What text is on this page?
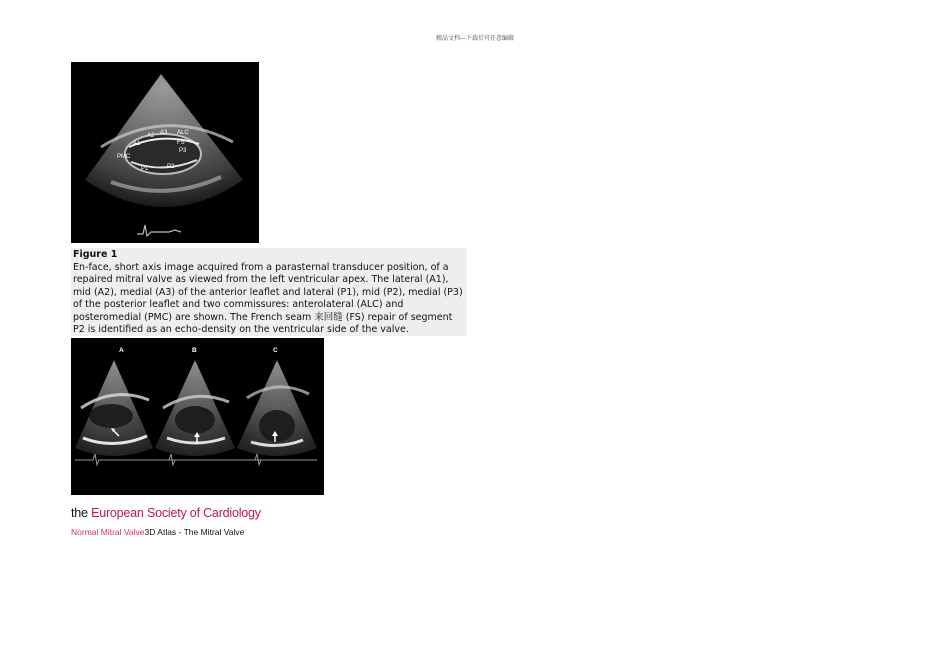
精品文档---下载后可任意编辑
A2 A3 ALC
A1
PMC
P1	P2
P3
FS
Figure 1
En-face, short axis image acquired from a parasternal transducer position, of a repaired mitral valve as viewed from the left ventricular apex. The lateral (A1), mid (A2), medial (A3) of the anterior leaflet and lateral (P1), mid (P2), medial (P3) of the posterior leaflet and two commissures: anterolateral (ALC) and posteromedial (PMC) are shown. The French seam 来回缝 (FS) repair of segment P2 is identified as an echo-density on the ventricular side of the valve.
A	B	C
the European Society of Cardiology
Normal Mitral Valve3D Atlas - The Mitral Valve
